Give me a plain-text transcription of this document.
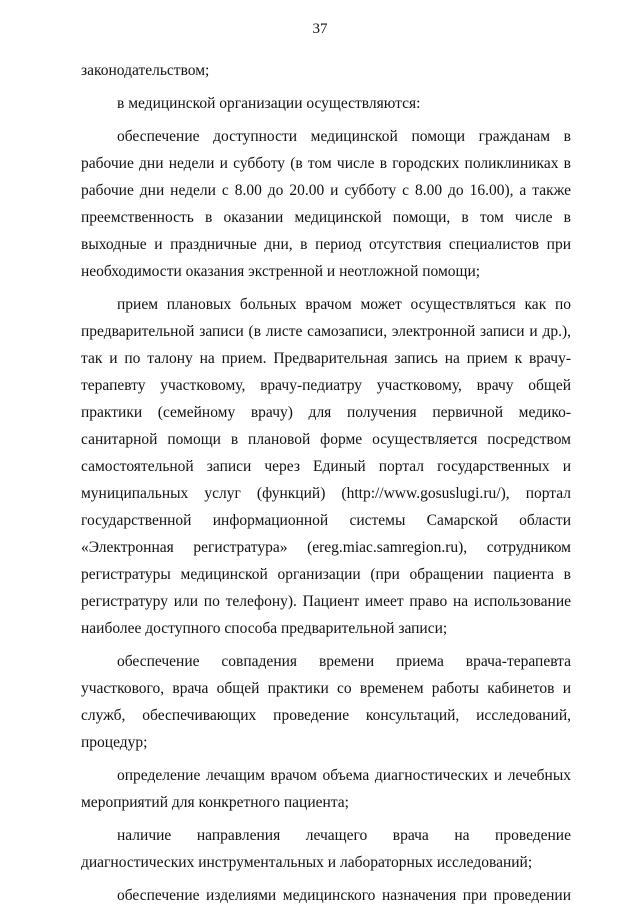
37

законодательством;

в медицинской организации осуществляются:

обеспечение доступности медицинской помощи гражданам в рабочие дни недели и субботу (в том числе в городских поликлиниках в рабочие дни недели с 8.00 до 20.00 и субботу с 8.00 до 16.00), а также преемственность в оказании медицинской помощи, в том числе в выходные и праздничные дни, в период отсутствия специалистов при необходимости оказания экстренной и неотложной помощи;

прием плановых больных врачом может осуществляться как по предварительной записи (в листе самозаписи, электронной записи и др.), так и по талону на прием. Предварительная запись на прием к врачу-терапевту участковому, врачу-педиатру участковому, врачу общей практики (семейному врачу) для получения первичной медико-санитарной помощи в плановой форме осуществляется посредством самостоятельной записи через Единый портал государственных и муниципальных услуг (функций) (http://www.gosuslugi.ru/), портал государственной информационной системы Самарской области «Электронная регистратура» (ereg.miac.samregion.ru), сотрудником регистратуры медицинской организации (при обращении пациента в регистратуру или по телефону). Пациент имеет право на использование наиболее доступного способа предварительной записи;

обеспечение совпадения времени приема врача-терапевта участкового, врача общей практики со временем работы кабинетов и служб, обеспечивающих проведение консультаций, исследований, процедур;

определение лечащим врачом объема диагностических и лечебных мероприятий для конкретного пациента;

наличие направления лечащего врача на проведение диагностических инструментальных и лабораторных исследований;

обеспечение изделиями медицинского назначения при проведении
